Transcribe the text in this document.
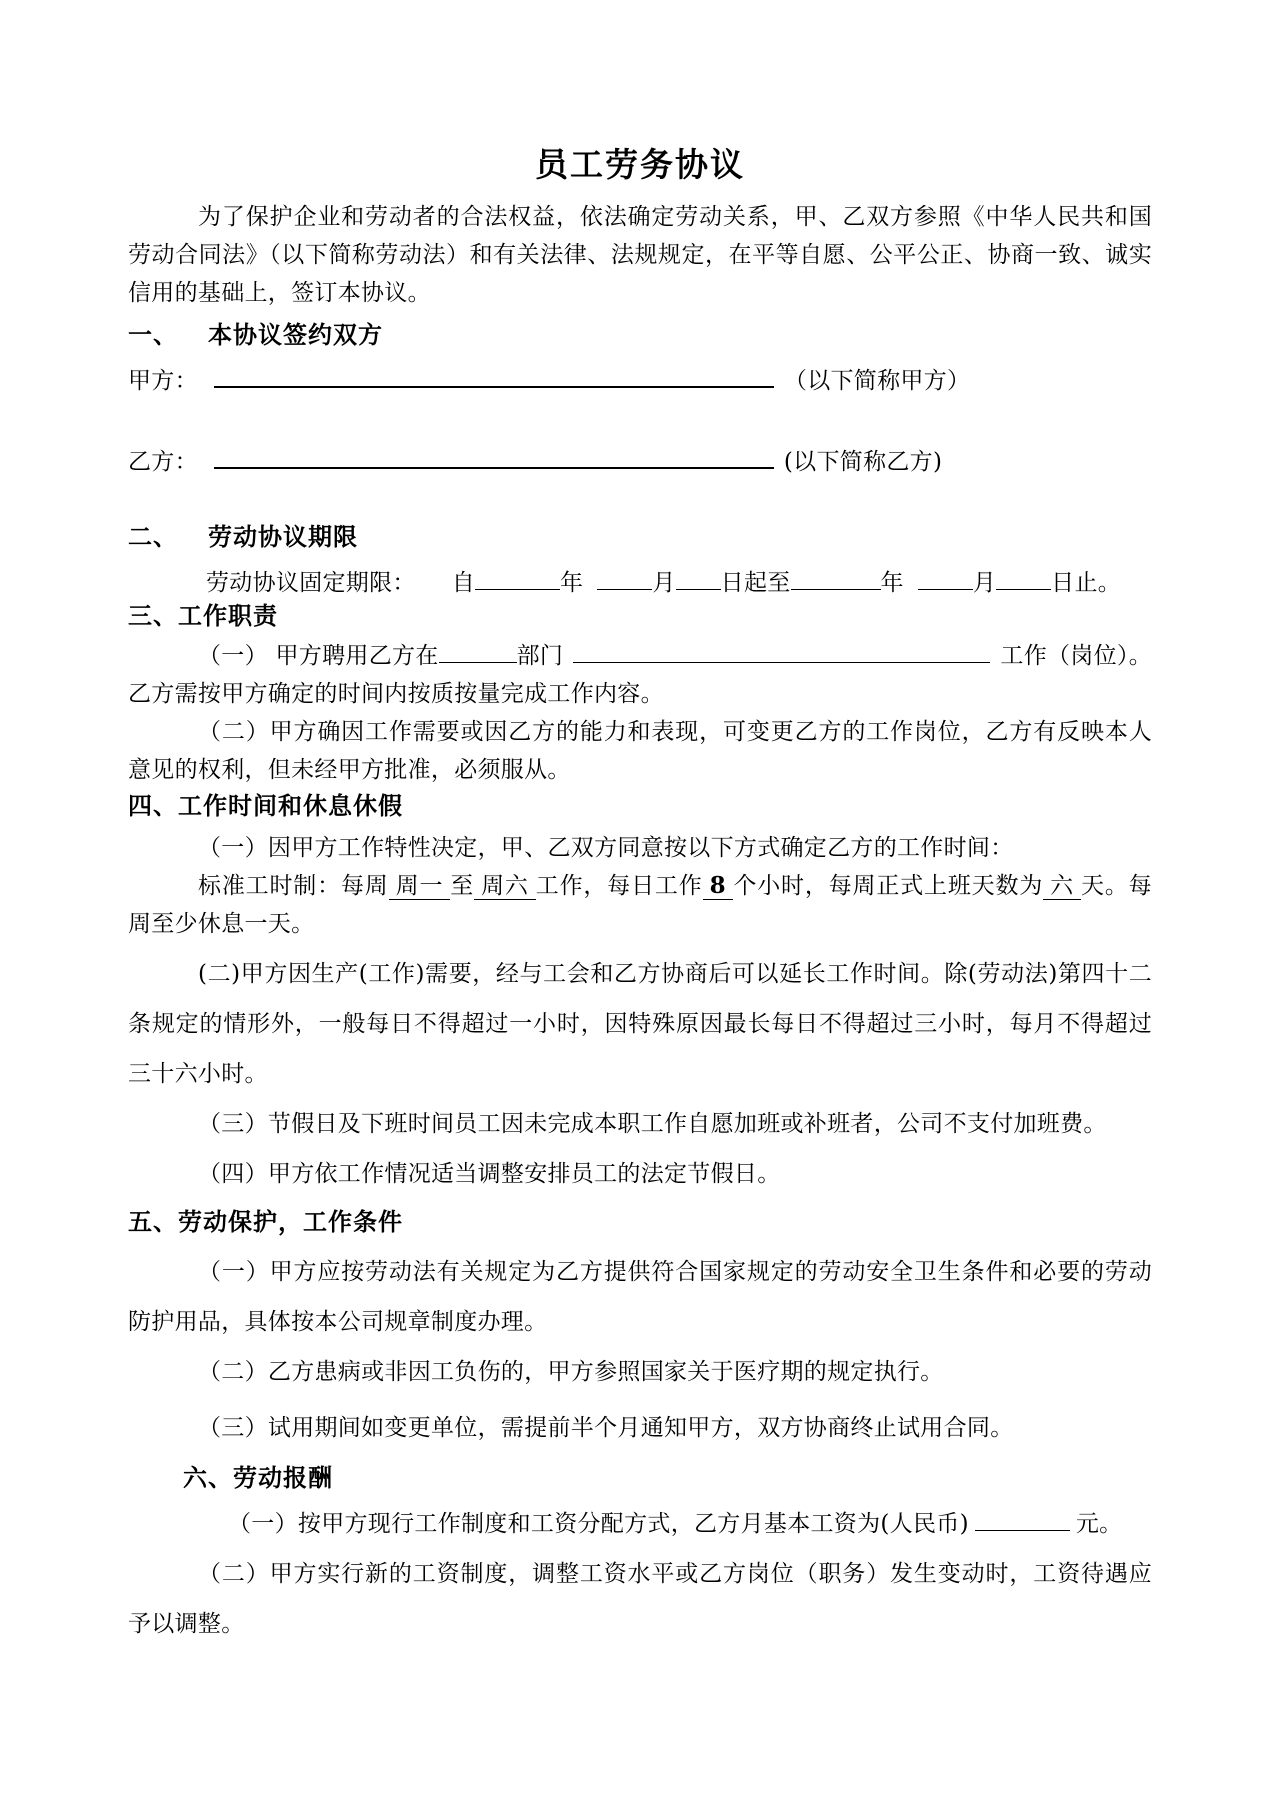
员工劳务协议

为了保护企业和劳动者的合法权益，依法确定劳动关系，甲、乙双方参照《中华人民共和国劳动合同法》（以下简称劳动法）和有关法律、法规规定，在平等自愿、公平公正、协商一致、诚实信用的基础上，签订本协议。

一、 本协议签约双方
甲方：	（以下简称甲方）
乙方：	(以下简称乙方)
二、 劳动协议期限
劳动协议固定期限： 自	年	月 日起至	年	月 日止。
三、工作职责
（一） 甲方聘用乙方在	部门	工作（岗位）。

乙方需按甲方确定的时间内按质按量完成工作内容。

（二）甲方确因工作需要或因乙方的能力和表现，可变更乙方的工作岗位，乙方有反映本人意见的权利，但未经甲方批准，必须服从。

四、工作时间和休息休假

（一）因甲方工作特性决定，甲、乙双方同意按以下方式确定乙方的工作时间：

标准工时制：每周 周一 至 周六 工作，每日工作 8 个小时，每周正式上班天数为 六 天。每周至少休息一天。

(二)甲方因生产(工作)需要，经与工会和乙方协商后可以延长工作时间。除(劳动法)第四十二条规定的情形外，一般每日不得超过一小时，因特殊原因最长每日不得超过三小时，每月不得超过三十六小时。

（三）节假日及下班时间员工因未完成本职工作自愿加班或补班者，公司不支付加班费。

（四）甲方依工作情况适当调整安排员工的法定节假日。

五、劳动保护，工作条件

（一）甲方应按劳动法有关规定为乙方提供符合国家规定的劳动安全卫生条件和必要的劳动防护用品，具体按本公司规章制度办理。

（二）乙方患病或非因工负伤的，甲方参照国家关于医疗期的规定执行。

（三）试用期间如变更单位，需提前半个月通知甲方，双方协商终止试用合同。

六、劳动报酬

（一）按甲方现行工作制度和工资分配方式，乙方月基本工资为(人民币)	元。

（二）甲方实行新的工资制度，调整工资水平或乙方岗位（职务）发生变动时，工资待遇应予以调整。
